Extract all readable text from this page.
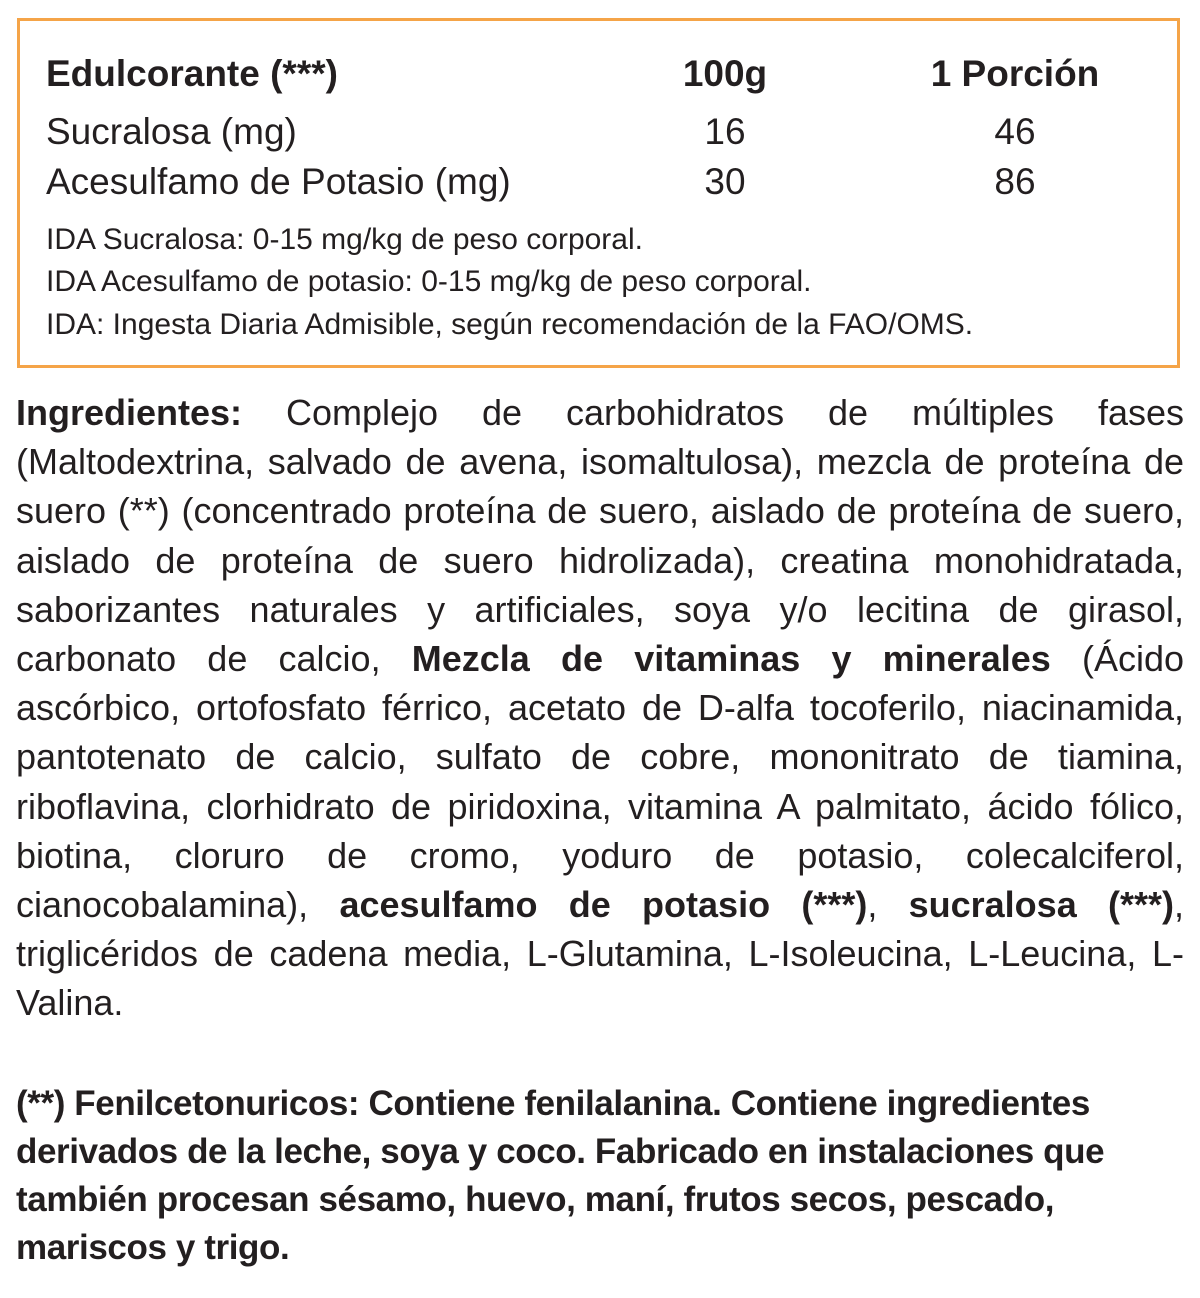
Edulcorante (***)	100g	1 Porción
Sucralosa (mg)	16	46
Acesulfamo de Potasio (mg)	30	86
IDA Sucralosa: 0-15 mg/kg de peso corporal.
IDA Acesulfamo de potasio: 0-15 mg/kg de peso corporal.
IDA: Ingesta Diaria Admisible, según recomendación de la FAO/OMS.

Ingredientes: Complejo de carbohidratos de múltiples fases (Maltodextrina, salvado de avena, isomaltulosa), mezcla de proteína de suero (**) (concentrado proteína de suero, aislado de proteína de suero, aislado de proteína de suero hidrolizada), creatina monohidratada, saborizantes naturales y artificiales, soya y/o lecitina de girasol, carbonato de calcio, Mezcla de vitaminas y minerales (Ácido ascórbico, ortofosfato férrico, acetato de D-alfa tocoferilo, niacinamida, pantotenato de calcio, sulfato de cobre, mononitrato de tiamina, riboflavina, clorhidrato de piridoxina, vitamina A palmitato, ácido fólico, biotina, cloruro de cromo, yoduro de potasio, colecalciferol, cianocobalamina), acesulfamo de potasio (***), sucralosa (***), triglicéridos de cadena media, L-Glutamina, L-Isoleucina, L-Leucina, L-Valina.

(**) Fenilcetonuricos: Contiene fenilalanina. Contiene ingredientes derivados de la leche, soya y coco. Fabricado en instalaciones que también procesan sésamo, huevo, maní, frutos secos, pescado, mariscos y trigo.
